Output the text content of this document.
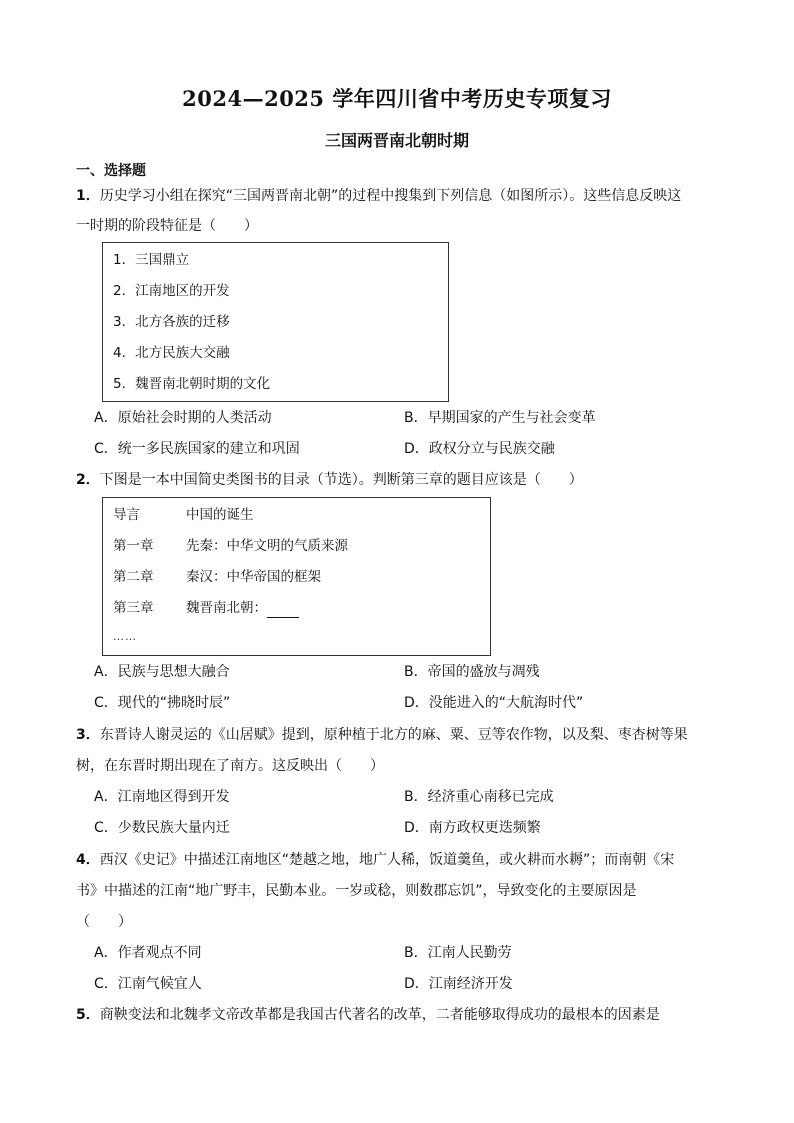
2024—2025 学年四川省中考历史专项复习
三国两晋南北朝时期
一、选择题
1．历史学习小组在探究“三国两晋南北朝”的过程中搜集到下列信息（如图所示）。这些信息反映这
一时期的阶段特征是（　　）
1．三国鼎立
2．江南地区的开发
3．北方各族的迁移
4．北方民族大交融
5．魏晋南北朝时期的文化
A．原始社会时期的人类活动	B．早期国家的产生与社会变革
C．统一多民族国家的建立和巩固	D．政权分立与民族交融
2．下图是一本中国简史类图书的目录（节选）。判断第三章的题目应该是（　　）
导言	中国的诞生
第一章 先秦：中华文明的气质来源
第二章 秦汉：中华帝国的框架
第三章 魏晋南北朝：
……
A．民族与思想大融合	B．帝国的盛放与凋残
C．现代的“拂晓时辰”	D．没能进入的“大航海时代”
3．东晋诗人谢灵运的《山居赋》提到，原种植于北方的麻、粟、豆等农作物，以及梨、枣杏树等果
树，在东晋时期出现在了南方。这反映出（　　）
A．江南地区得到开发	B．经济重心南移已完成
C．少数民族大量内迁	D．南方政权更迭频繁
4．西汉《史记》中描述江南地区“楚越之地，地广人稀，饭道羹鱼，或火耕而水耨”；而南朝《宋
书》中描述的江南“地广野丰，民勤本业。一岁或稔，则数郡忘饥”，导致变化的主要原因是
（　　）
A．作者观点不同	B．江南人民勤劳
C．江南气候宜人	D．江南经济开发
5．商鞅变法和北魏孝文帝改革都是我国古代著名的改革，二者能够取得成功的最根本的因素是
